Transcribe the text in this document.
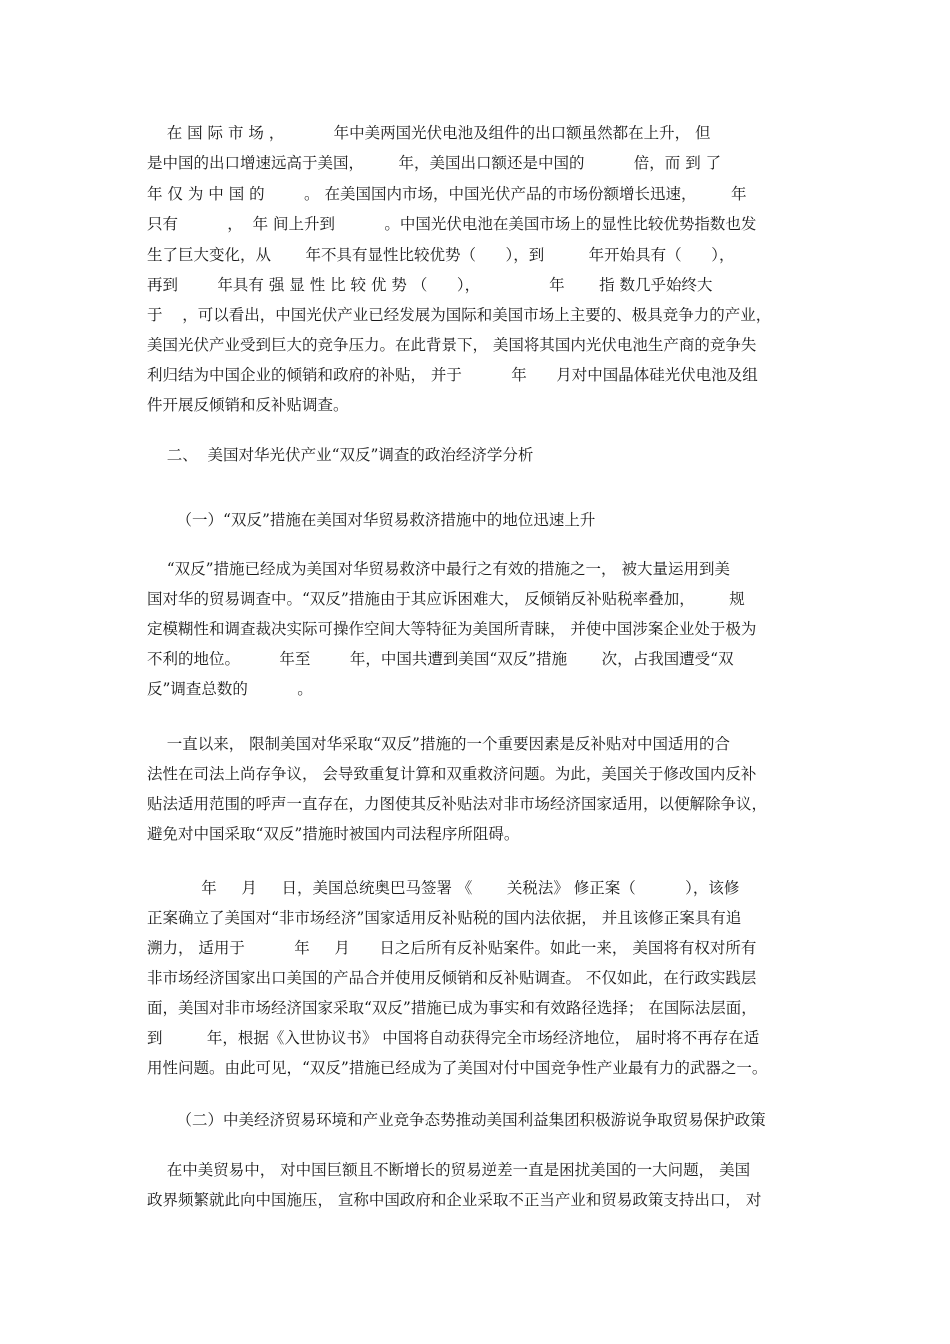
在 国 际 市 场 ，          年中美两国光伏电池及组件的出口额虽然都在上升， 但
是中国的出口增速远高于美国，       年，美国出口额还是中国的          倍，而 到 了
年 仅 为 中 国 的        。 在美国国内市场，中国光伏产品的市场份额增长迅速，       年
只有          ，  年 间上升到          。中国光伏电池在美国市场上的显性比较优势指数也发
生了巨大变化，从       年不具有显性比较优势（      ），到         年开始具有（      ），
再到        年具有 强 显 性 比 较 优 势 （      ），              年       指 数几乎始终大
于    ，可以看出，中国光伏产业已经发展为国际和美国市场上主要的、极具竞争力的产业，
美国光伏产业受到巨大的竞争压力。在此背景下， 美国将其国内光伏电池生产商的竞争失
利归结为中国企业的倾销和政府的补贴， 并于          年      月对中国晶体硅光伏电池及组
件开展反倾销和反补贴调查。
二、  美国对华光伏产业“双反”调查的政治经济学分析
（一）“双反”措施在美国对华贸易救济措施中的地位迅速上升
“双反”措施已经成为美国对华贸易救济中最行之有效的措施之一， 被大量运用到美
国对华的贸易调查中。“双反”措施由于其应诉困难大， 反倾销反补贴税率叠加，       规
定模糊性和调查裁决实际可操作空间大等特征为美国所青睐， 并使中国涉案企业处于极为
不利的地位。        年至        年，中国共遭到美国“双反”措施       次，占我国遭受“双
反”调查总数的          。
一直以来， 限制美国对华采取“双反”措施的一个重要因素是反补贴对中国适用的合
法性在司法上尚存争议， 会导致重复计算和双重救济问题。为此，美国关于修改国内反补
贴法适用范围的呼声一直存在，力图使其反补贴法对非市场经济国家适用，以便解除争议，
避免对中国采取“双反”措施时被国内司法程序所阻碍。
年     月     日，美国总统奥巴马签署 《       关税法》 修正案（          ），该修
正案确立了美国对“非市场经济”国家适用反补贴税的国内法依据， 并且该修正案具有追
溯力， 适用于          年     月      日之后所有反补贴案件。如此一来， 美国将有权对所有
非市场经济国家出口美国的产品合并使用反倾销和反补贴调查。 不仅如此，在行政实践层
面，美国对非市场经济国家采取“双反”措施已成为事实和有效路径选择； 在国际法层面，
到         年，根据《入世协议书》 中国将自动获得完全市场经济地位， 届时将不再存在适
用性问题。由此可见，“双反”措施已经成为了美国对付中国竞争性产业最有力的武器之一。
（二）中美经济贸易环境和产业竞争态势推动美国利益集团积极游说争取贸易保护政策
在中美贸易中， 对中国巨额且不断增长的贸易逆差一直是困扰美国的一大问题， 美国
政界频繁就此向中国施压， 宣称中国政府和企业采取不正当产业和贸易政策支持出口， 对
